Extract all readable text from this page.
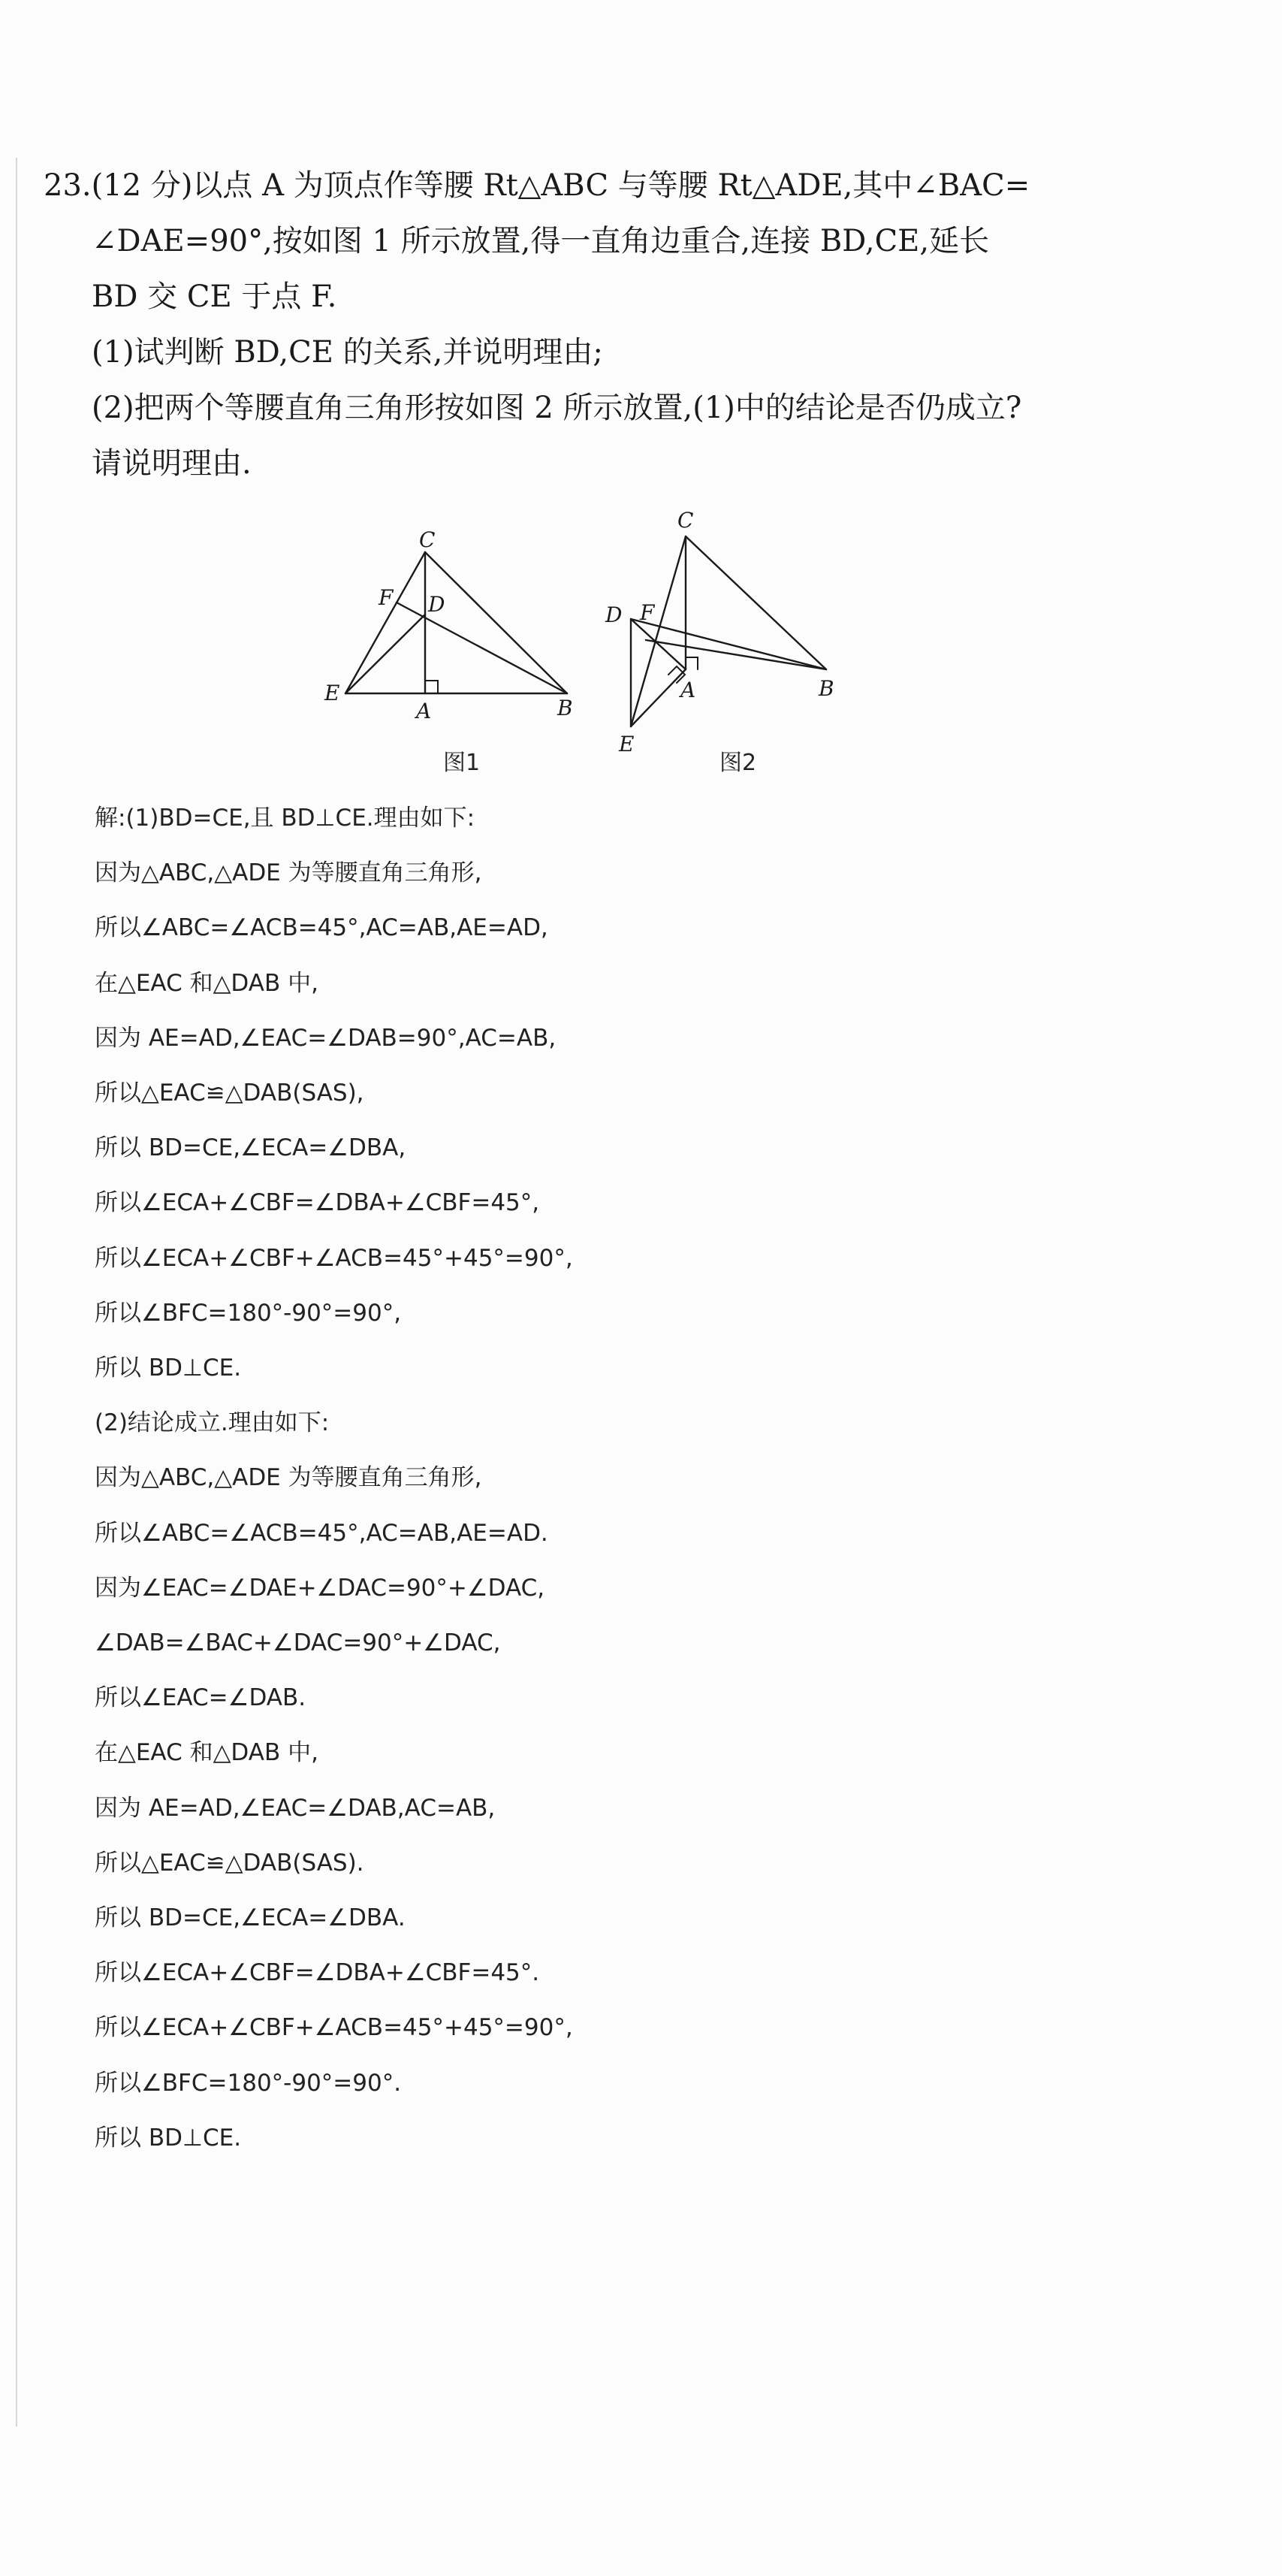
23.(12 分)以点 A 为顶点作等腰 Rt△ABC 与等腰 Rt△ADE,其中∠BAC=
∠DAE=90°,按如图 1 所示放置,得一直角边重合,连接 BD,CE,延长
BD 交 CE 于点 F.
(1)试判断 BD,CE 的关系,并说明理由;
(2)把两个等腰直角三角形按如图 2 所示放置,(1)中的结论是否仍成立?
请说明理由.
C
F D
E
A	B
C
D F
A	B
E
图1	图2
解:(1)BD=CE,且 BD⊥CE.理由如下:
因为△ABC,△ADE 为等腰直角三角形,
所以∠ABC=∠ACB=45°,AC=AB,AE=AD,
在△EAC 和△DAB 中,
因为 AE=AD,∠EAC=∠DAB=90°,AC=AB,
所以△EAC≌△DAB(SAS),
所以 BD=CE,∠ECA=∠DBA,
所以∠ECA+∠CBF=∠DBA+∠CBF=45°,
所以∠ECA+∠CBF+∠ACB=45°+45°=90°,
所以∠BFC=180°-90°=90°,
所以 BD⊥CE.
(2)结论成立.理由如下:
因为△ABC,△ADE 为等腰直角三角形,
所以∠ABC=∠ACB=45°,AC=AB,AE=AD.
因为∠EAC=∠DAE+∠DAC=90°+∠DAC,
∠DAB=∠BAC+∠DAC=90°+∠DAC,
所以∠EAC=∠DAB.
在△EAC 和△DAB 中,
因为 AE=AD,∠EAC=∠DAB,AC=AB,
所以△EAC≌△DAB(SAS).
所以 BD=CE,∠ECA=∠DBA.
所以∠ECA+∠CBF=∠DBA+∠CBF=45°.
所以∠ECA+∠CBF+∠ACB=45°+45°=90°,
所以∠BFC=180°-90°=90°.
所以 BD⊥CE.
